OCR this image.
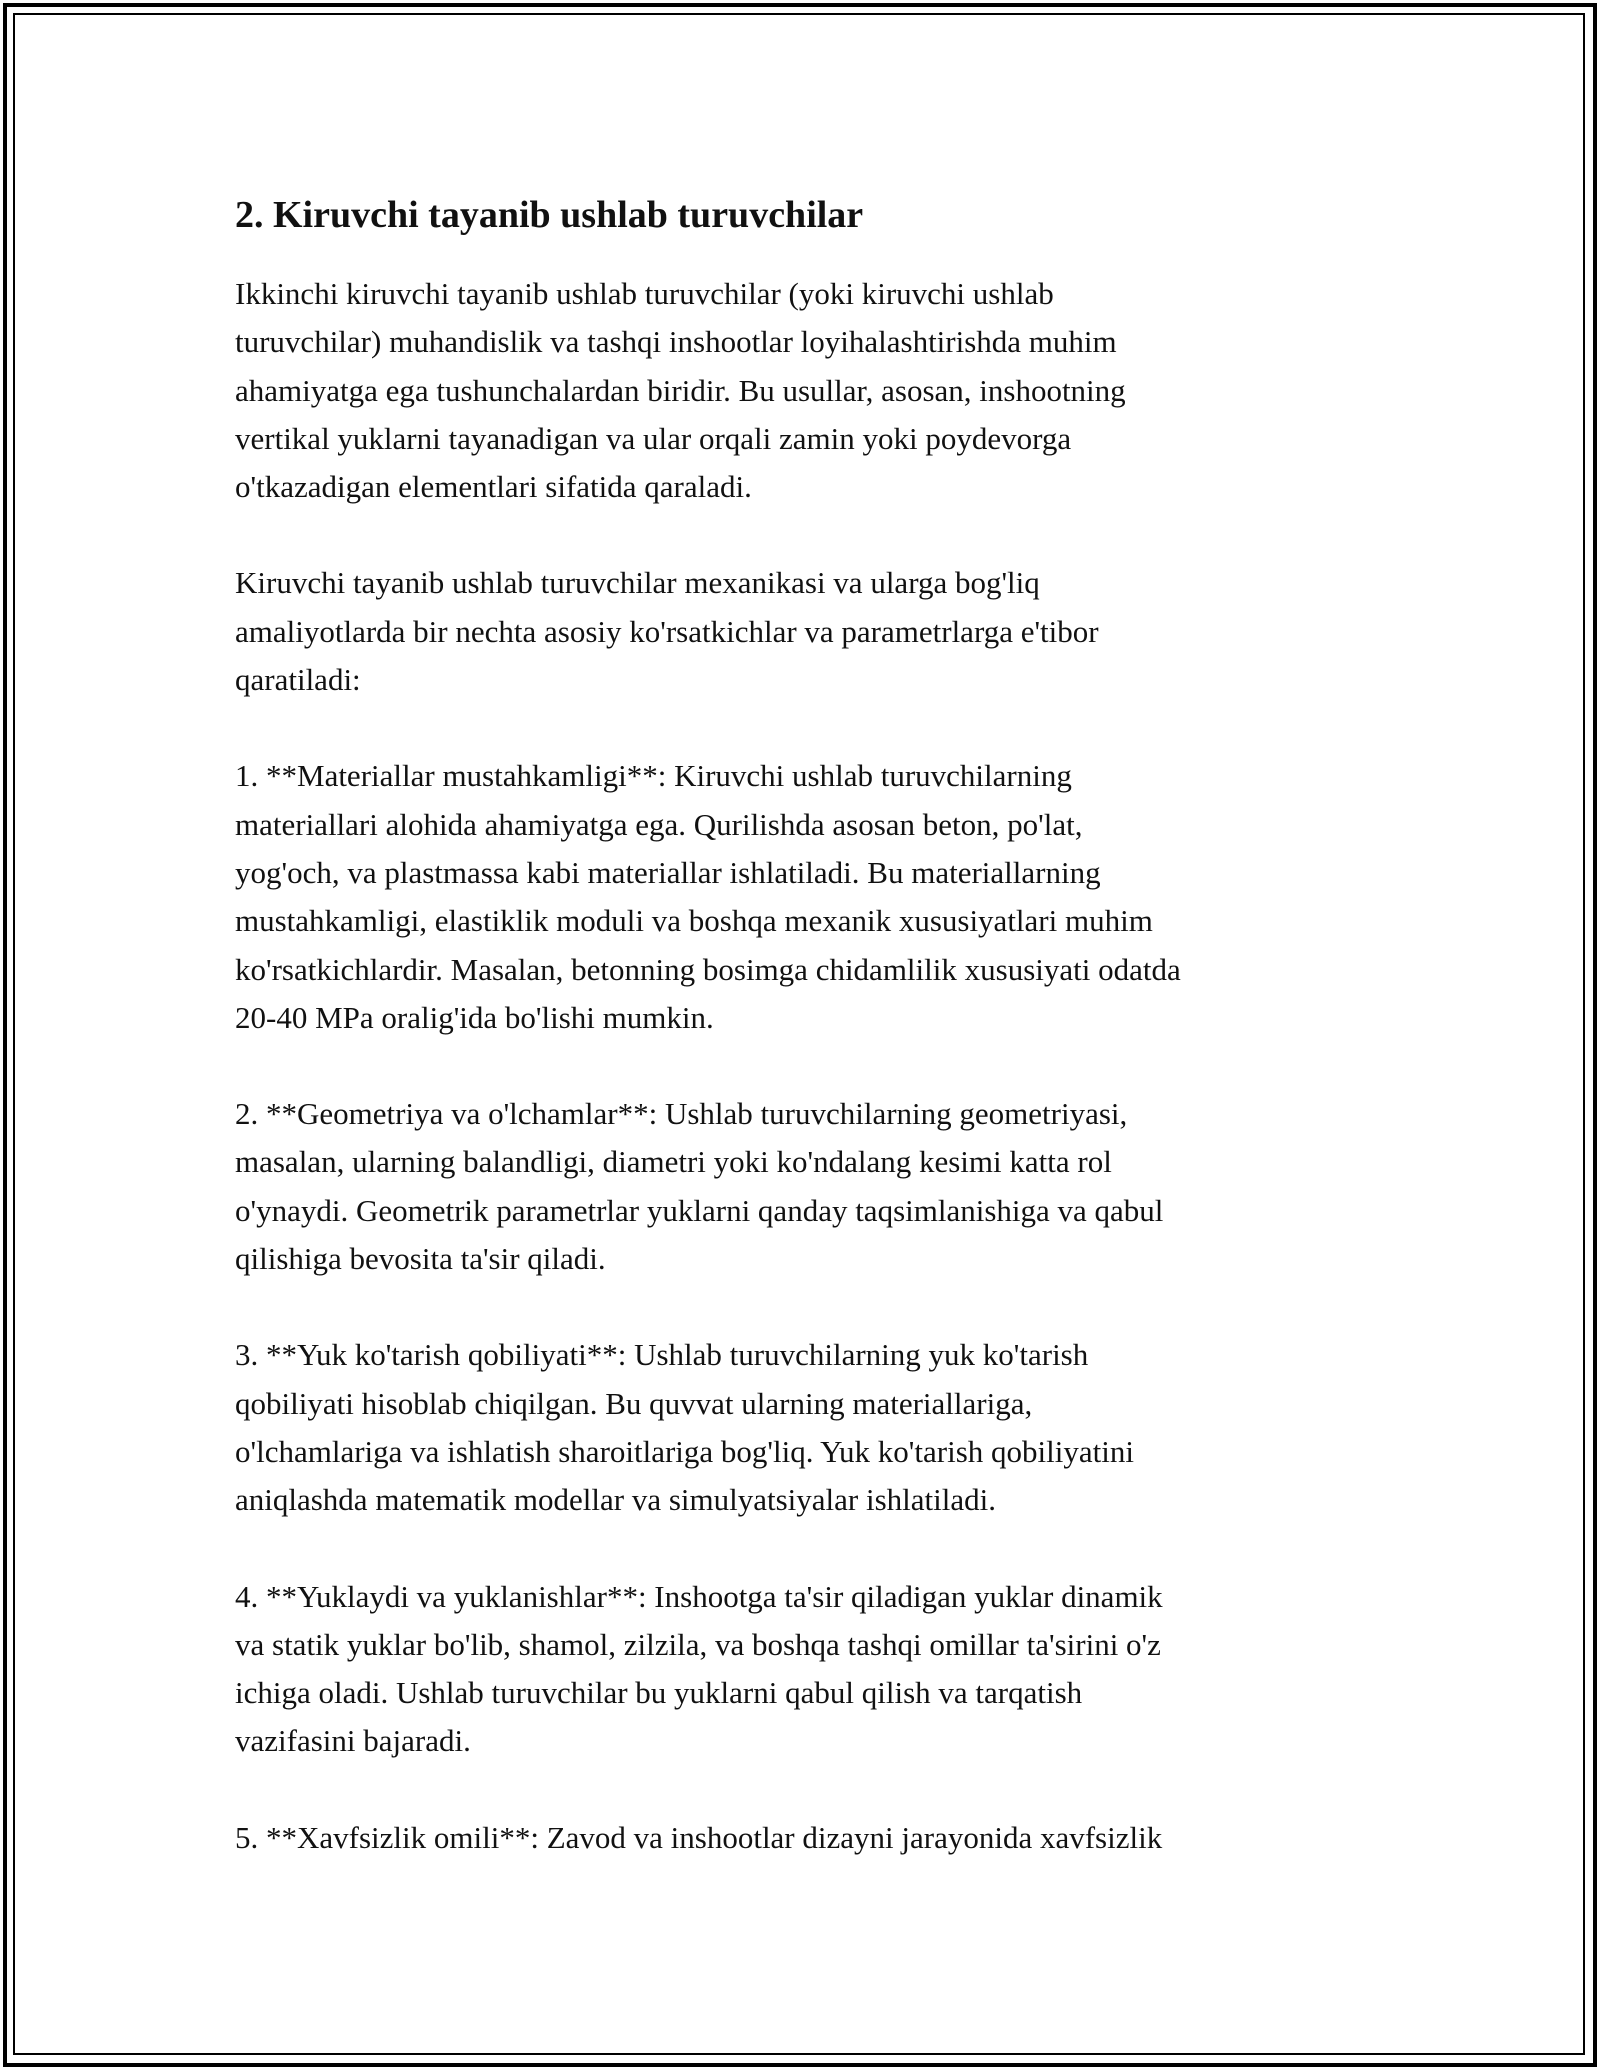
2. Kiruvchi tayanib ushlab turuvchilar

Ikkinchi kiruvchi tayanib ushlab turuvchilar (yoki kiruvchi ushlab
turuvchilar) muhandislik va tashqi inshootlar loyihalashtirishda muhim
ahamiyatga ega tushunchalardan biridir. Bu usullar, asosan, inshootning
vertikal yuklarni tayanadigan va ular orqali zamin yoki poydevorga
o'tkazadigan elementlari sifatida qaraladi.

Kiruvchi tayanib ushlab turuvchilar mexanikasi va ularga bog'liq
amaliyotlarda bir nechta asosiy ko'rsatkichlar va parametrlarga e'tibor
qaratiladi:

1. **Materiallar mustahkamligi**: Kiruvchi ushlab turuvchilarning
materiallari alohida ahamiyatga ega. Qurilishda asosan beton, po'lat,
yog'och, va plastmassa kabi materiallar ishlatiladi. Bu materiallarning
mustahkamligi, elastiklik moduli va boshqa mexanik xususiyatlari muhim
ko'rsatkichlardir. Masalan, betonning bosimga chidamlilik xususiyati odatda
20-40 MPa oralig'ida bo'lishi mumkin.

2. **Geometriya va o'lchamlar**: Ushlab turuvchilarning geometriyasi,
masalan, ularning balandligi, diametri yoki ko'ndalang kesimi katta rol
o'ynaydi. Geometrik parametrlar yuklarni qanday taqsimlanishiga va qabul
qilishiga bevosita ta'sir qiladi.

3. **Yuk ko'tarish qobiliyati**: Ushlab turuvchilarning yuk ko'tarish
qobiliyati hisoblab chiqilgan. Bu quvvat ularning materiallariga,
o'lchamlariga va ishlatish sharoitlariga bog'liq. Yuk ko'tarish qobiliyatini
aniqlashda matematik modellar va simulyatsiyalar ishlatiladi.

4. **Yuklaydi va yuklanishlar**: Inshootga ta'sir qiladigan yuklar dinamik
va statik yuklar bo'lib, shamol, zilzila, va boshqa tashqi omillar ta'sirini o'z
ichiga oladi. Ushlab turuvchilar bu yuklarni qabul qilish va tarqatish
vazifasini bajaradi.

5. **Xavfsizlik omili**: Zavod va inshootlar dizayni jarayonida xavfsizlik
